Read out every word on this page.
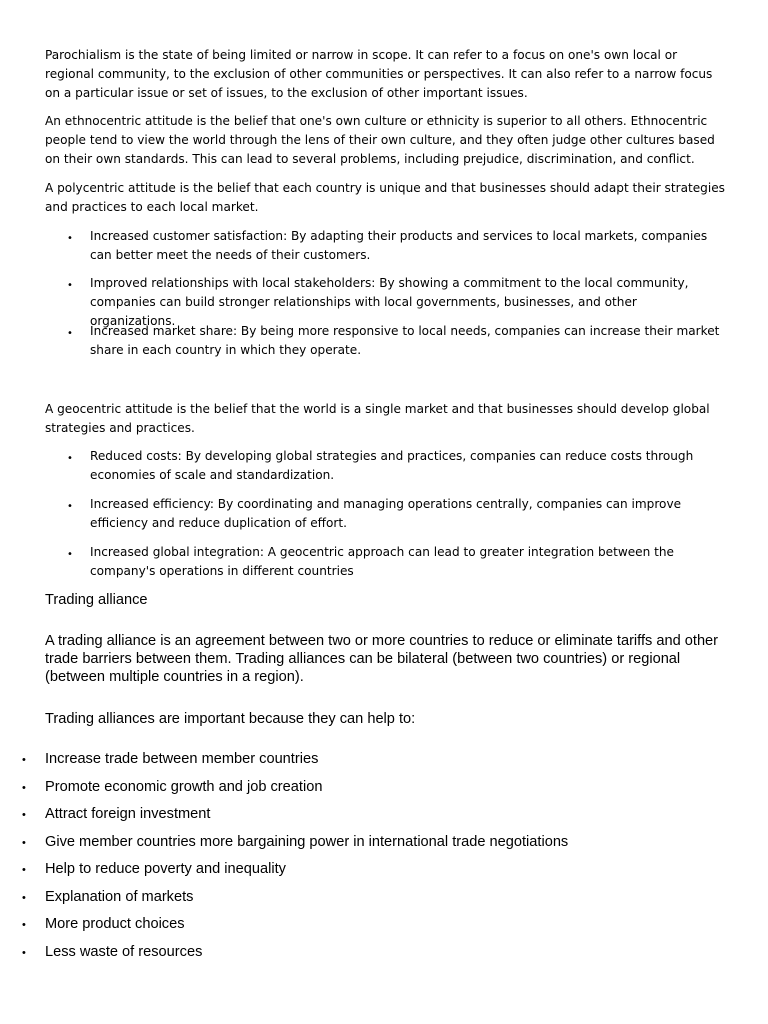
Parochialism is the state of being limited or narrow in scope. It can refer to a focus on one's own local or regional community, to the exclusion of other communities or perspectives. It can also refer to a narrow focus on a particular issue or set of issues, to the exclusion of other important issues.

An ethnocentric attitude is the belief that one's own culture or ethnicity is superior to all others. Ethnocentric people tend to view the world through the lens of their own culture, and they often judge other cultures based on their own standards. This can lead to several problems, including prejudice, discrimination, and conflict.

A polycentric attitude is the belief that each country is unique and that businesses should adapt their strategies and practices to each local market.

• Increased customer satisfaction: By adapting their products and services to local markets, companies can better meet the needs of their customers.

• Improved relationships with local stakeholders: By showing a commitment to the local community, companies can build stronger relationships with local governments, businesses, and other organizations.

• Increased market share: By being more responsive to local needs, companies can increase their market share in each country in which they operate.

A geocentric attitude is the belief that the world is a single market and that businesses should develop global strategies and practices.

• Reduced costs: By developing global strategies and practices, companies can reduce costs through economies of scale and standardization.

• Increased efficiency: By coordinating and managing operations centrally, companies can improve efficiency and reduce duplication of effort.

• Increased global integration: A geocentric approach can lead to greater integration between the company's operations in different countries

Trading alliance

A trading alliance is an agreement between two or more countries to reduce or eliminate tariffs and other trade barriers between them. Trading alliances can be bilateral (between two countries) or regional (between multiple countries in a region).

Trading alliances are important because they can help to:

• Increase trade between member countries

• Promote economic growth and job creation

• Attract foreign investment

• Give member countries more bargaining power in international trade negotiations

• Help to reduce poverty and inequality

• Explanation of markets

• More product choices

• Less waste of resources
